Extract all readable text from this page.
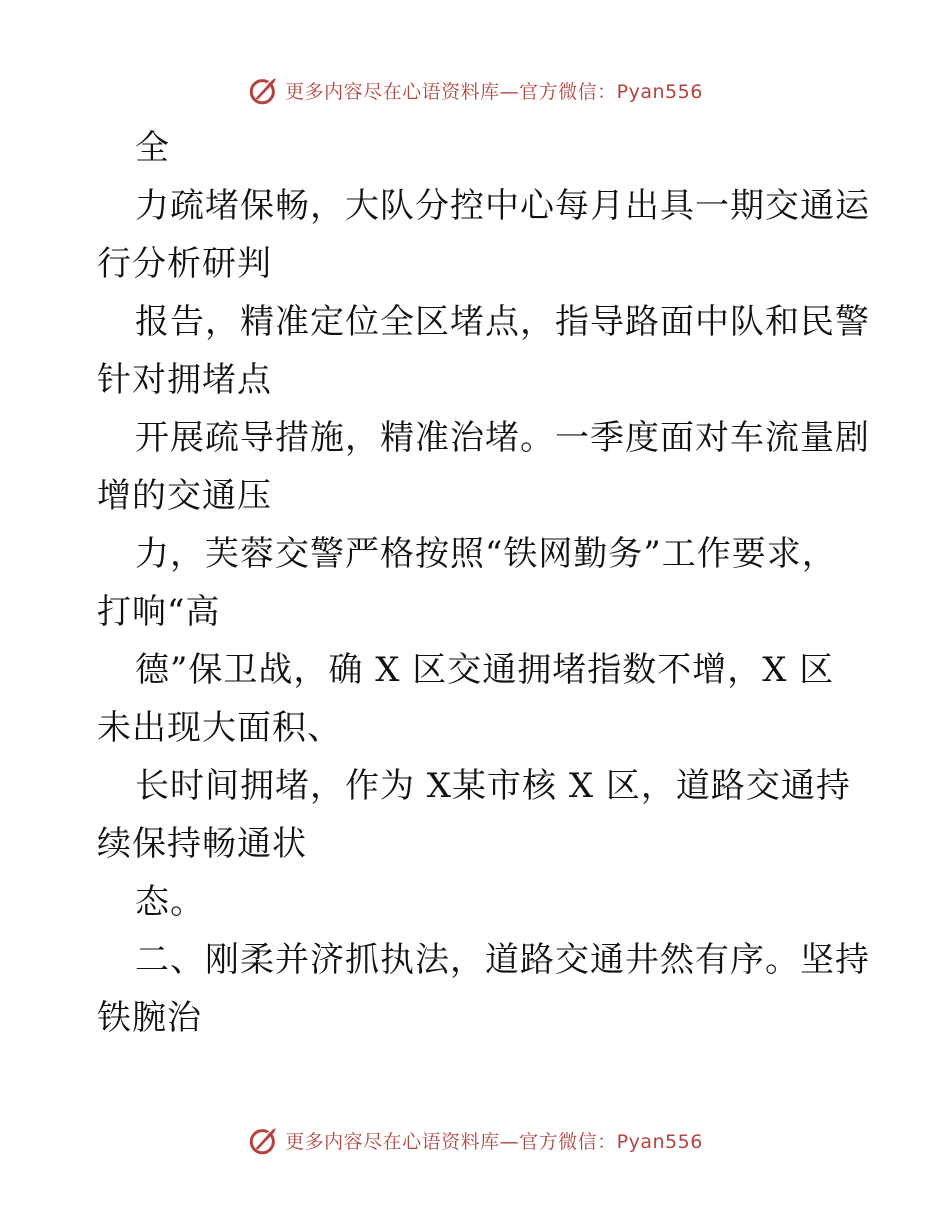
更多内容尽在心语资料库—官方微信：Pyan556
全
力疏堵保畅，大队分控中心每月出具一期交通运
行分析研判
报告，精准定位全区堵点，指导路面中队和民警
针对拥堵点
开展疏导措施，精准治堵。一季度面对车流量剧
增的交通压
力，芙蓉交警严格按照“铁网勤务”工作要求，
打响“高
德”保卫战，确 X 区交通拥堵指数不增，X 区
未出现大面积、
长时间拥堵，作为 X某市核 X 区，道路交通持
续保持畅通状
态。
二、刚柔并济抓执法，道路交通井然有序。坚持
铁腕治
更多内容尽在心语资料库—官方微信：Pyan556
